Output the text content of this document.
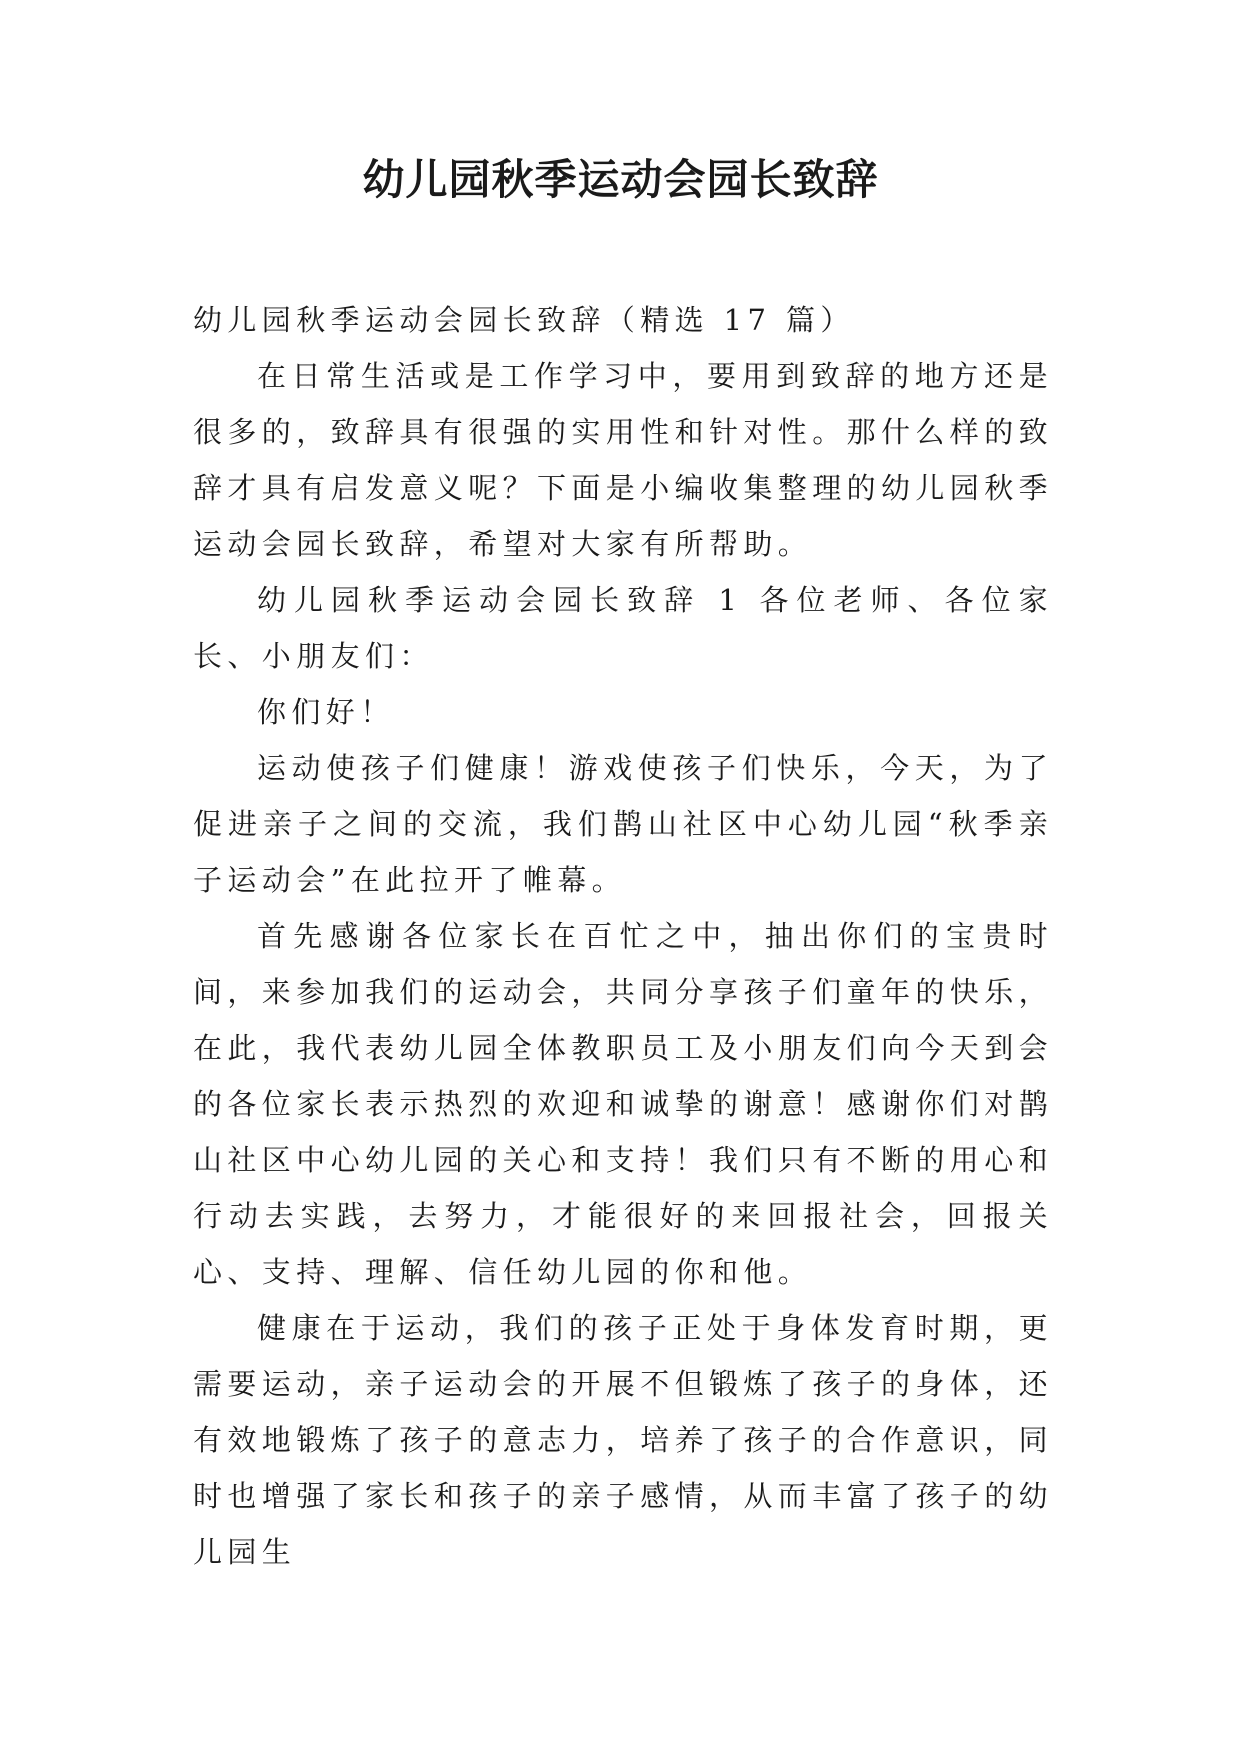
幼儿园秋季运动会园长致辞

幼儿园秋季运动会园长致辞（精选 17 篇）

在日常生活或是工作学习中，要用到致辞的地方还是很多的，致辞具有很强的实用性和针对性。那什么样的致辞才具有启发意义呢？下面是小编收集整理的幼儿园秋季运动会园长致辞，希望对大家有所帮助。

幼儿园秋季运动会园长致辞 1 各位老师、各位家长、小朋友们：

你们好！

运动使孩子们健康！游戏使孩子们快乐，今天，为了促进亲子之间的交流，我们鹊山社区中心幼儿园“秋季亲子运动会”在此拉开了帷幕。

首先感谢各位家长在百忙之中，抽出你们的宝贵时间，来参加我们的运动会，共同分享孩子们童年的快乐，在此，我代表幼儿园全体教职员工及小朋友们向今天到会的各位家长表示热烈的欢迎和诚挚的谢意！感谢你们对鹊山社区中心幼儿园的关心和支持！我们只有不断的用心和行动去实践，去努力，才能很好的来回报社会，回报关心、支持、理解、信任幼儿园的你和他。

健康在于运动，我们的孩子正处于身体发育时期，更需要运动，亲子运动会的开展不但锻炼了孩子的身体，还有效地锻炼了孩子的意志力，培养了孩子的合作意识，同时也增强了家长和孩子的亲子感情，从而丰富了孩子的幼儿园生
